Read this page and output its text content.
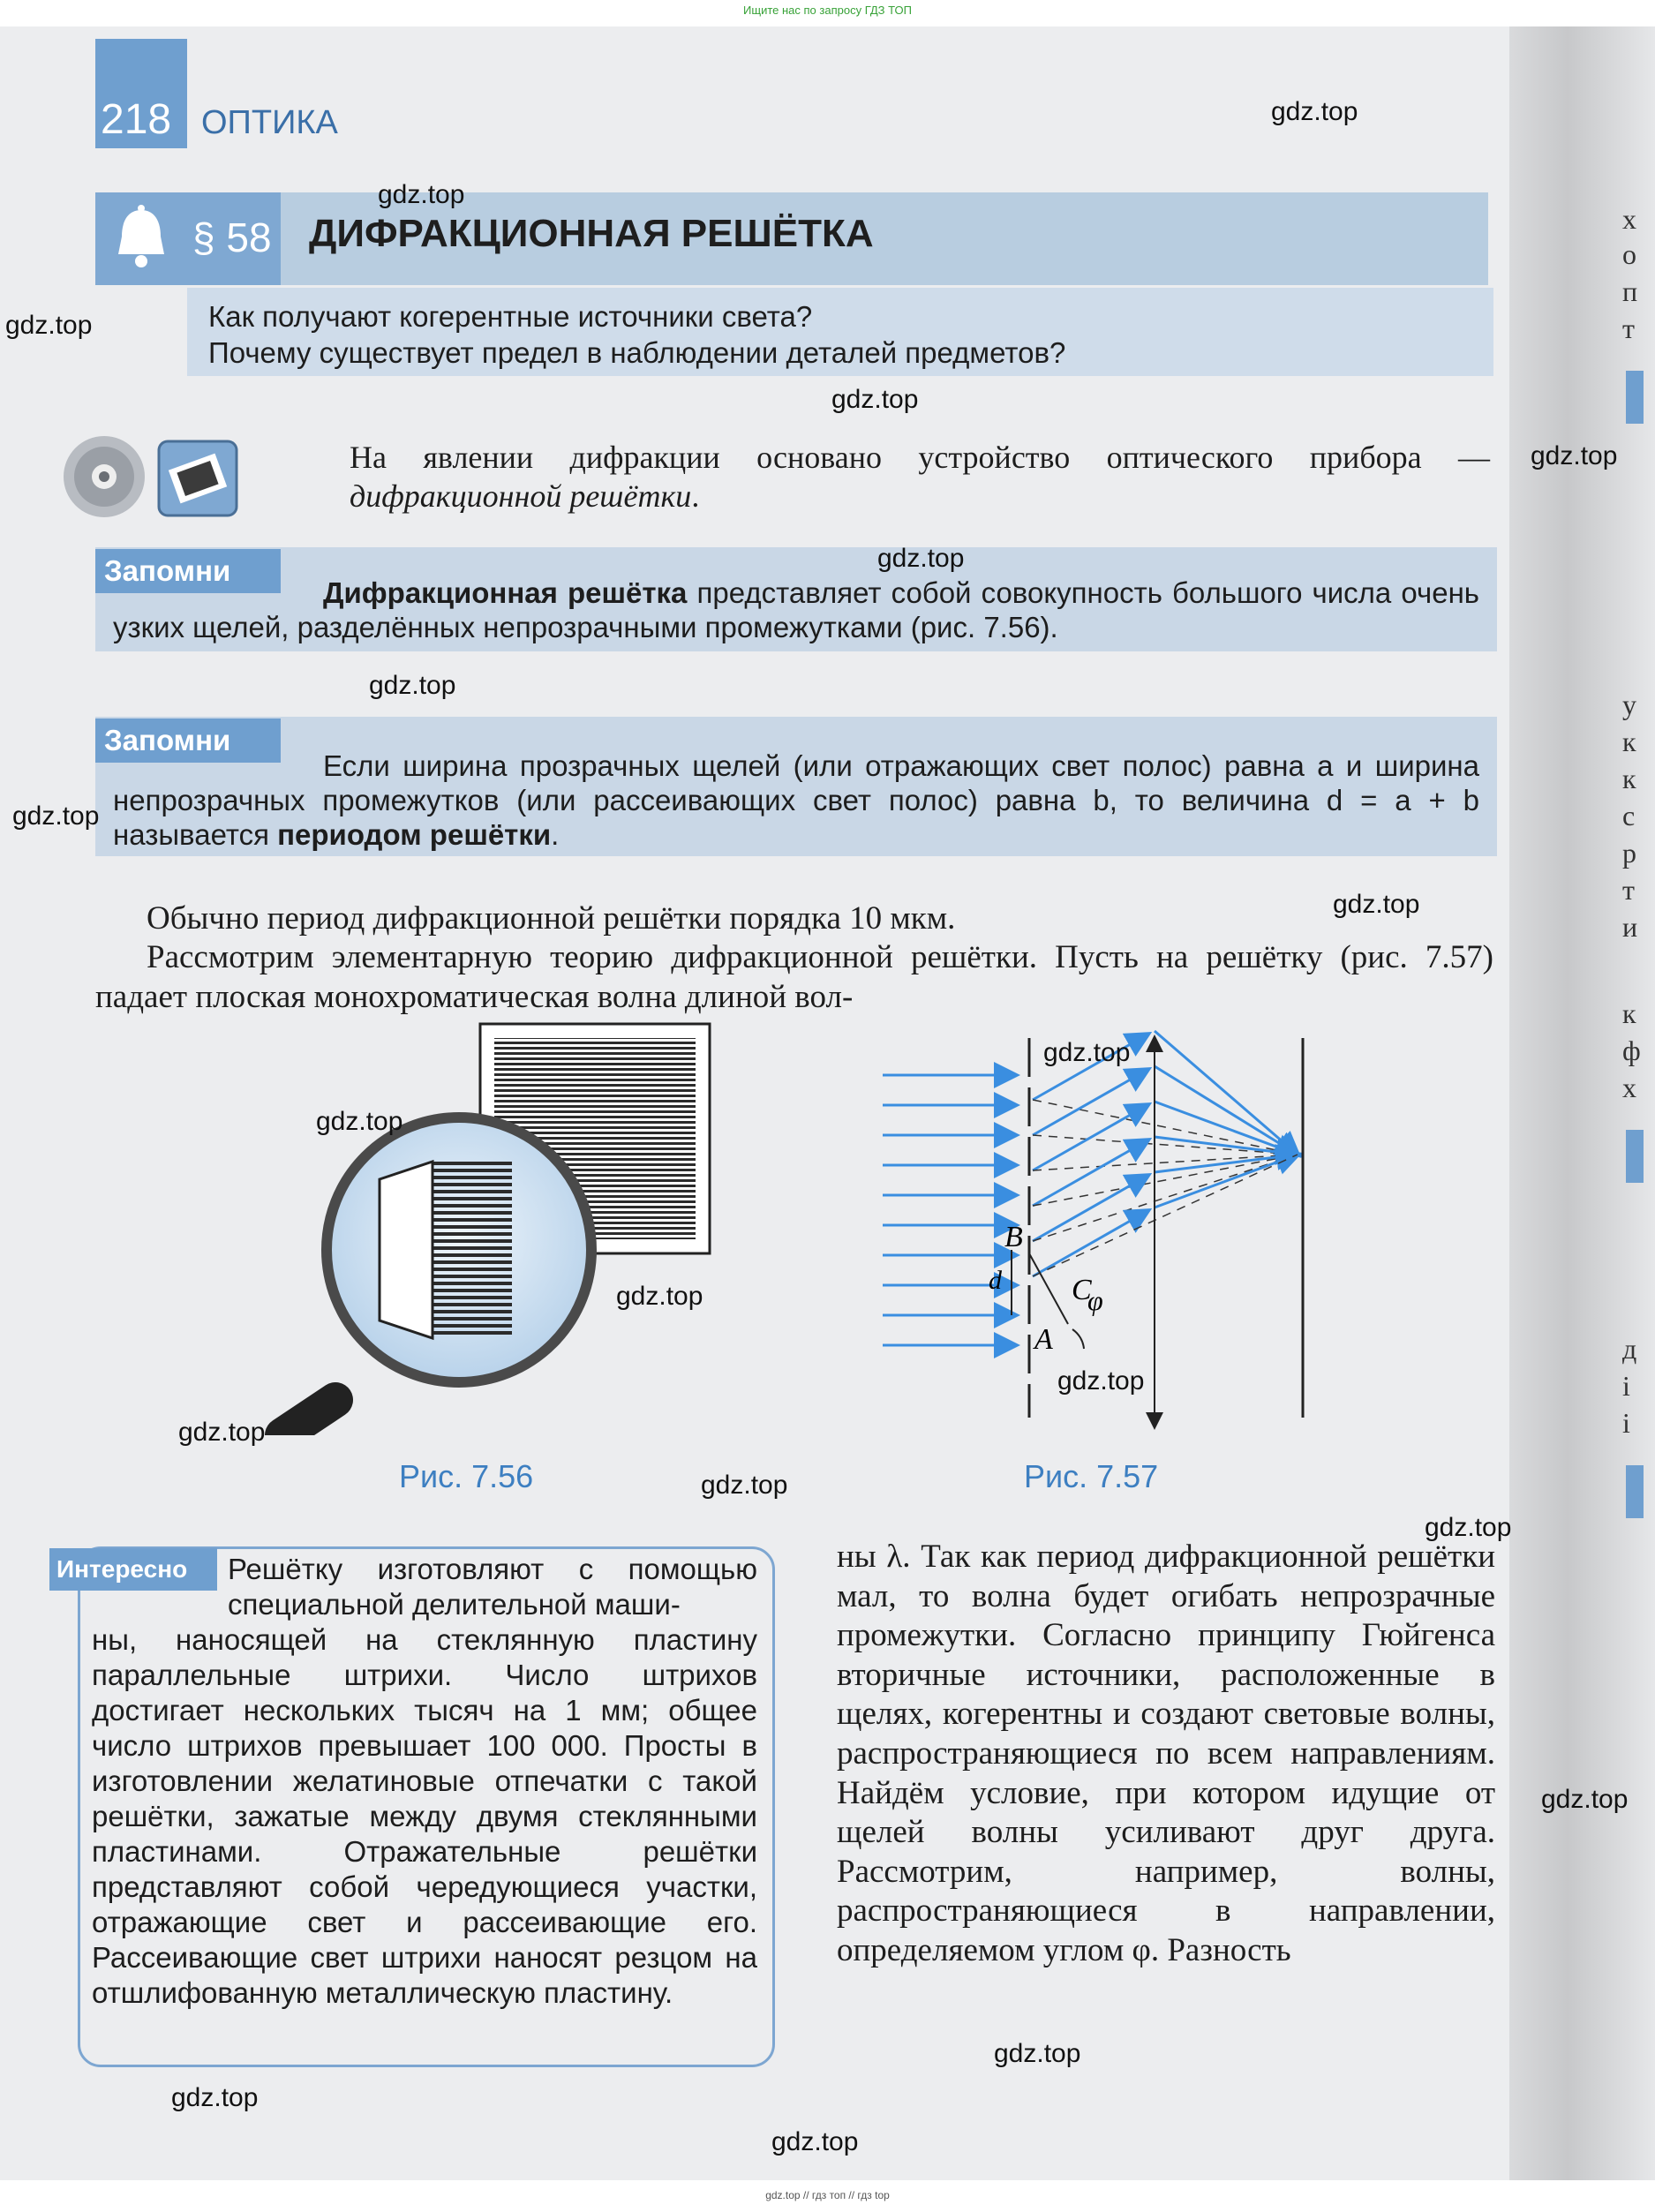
Ищите нас по запросу ГДЗ ТОП
х
о
п
т
у
к
к
с
р
т
и
к
ф
х
д
і
і
218 ОПТИКА
§ 58 ДИФРАКЦИОННАЯ РЕШЁТКА
Как получают когерентные источники света?
Почему существует предел в наблюдении деталей предметов?
На явлении дифракции основано устройство оптического прибора — дифракционной решётки.
Запомни
Дифракционная решётка представляет собой совокупность большого числа очень узких щелей, разделённых непрозрачными промежутками (рис. 7.56).
Запомни
Если ширина прозрачных щелей (или отражающих свет полос) равна a и ширина непрозрачных промежутков (или рассеивающих свет полос) равна b, то величина d = a + b называется периодом решётки.
Обычно период дифракционной решётки порядка 10 мкм.
Рассмотрим элементарную теорию дифракционной решётки. Пусть на решётку (рис. 7.57) падает плоская монохроматическая волна длиной вол-
Рис. 7.56
B
C
A
d
φ
Рис. 7.57
Интересно	Решётку изготовляют с помощью специальной делительной маши-
ны, наносящей на стеклянную пластину параллельные штрихи. Число штрихов достигает нескольких тысяч на 1 мм; общее число штрихов превышает 100 000. Просты в изготовлении желатиновые отпечатки с такой решётки, зажатые между двумя стеклянными пластинами. Отражательные решётки представляют собой чередующиеся участки, отражающие свет и рассеивающие его. Рассеивающие свет штрихи наносят резцом на отшлифованную металлическую пластину.
ны λ. Так как период дифракционной решётки мал, то волна будет огибать непрозрачные промежутки. Согласно принципу Гюйгенса вторичные источники, расположенные в щелях, когерентны и создают световые волны, распространяющиеся по всем направлениям. Найдём условие, при котором идущие от щелей волны усиливают друг друга. Рассмотрим, например, волны, распространяющиеся в направлении, определяемом углом φ. Разность
gdz.top
gdz.top
gdz.top
gdz.top
gdz.top
gdz.top
gdz.top
gdz.top
gdz.top
gdz.top
gdz.top
gdz.top
gdz.top
gdz.top
gdz.top
gdz.top
gdz.top
gdz.top
gdz.top
gdz.top
gdz.top // гдз топ // гдз top
